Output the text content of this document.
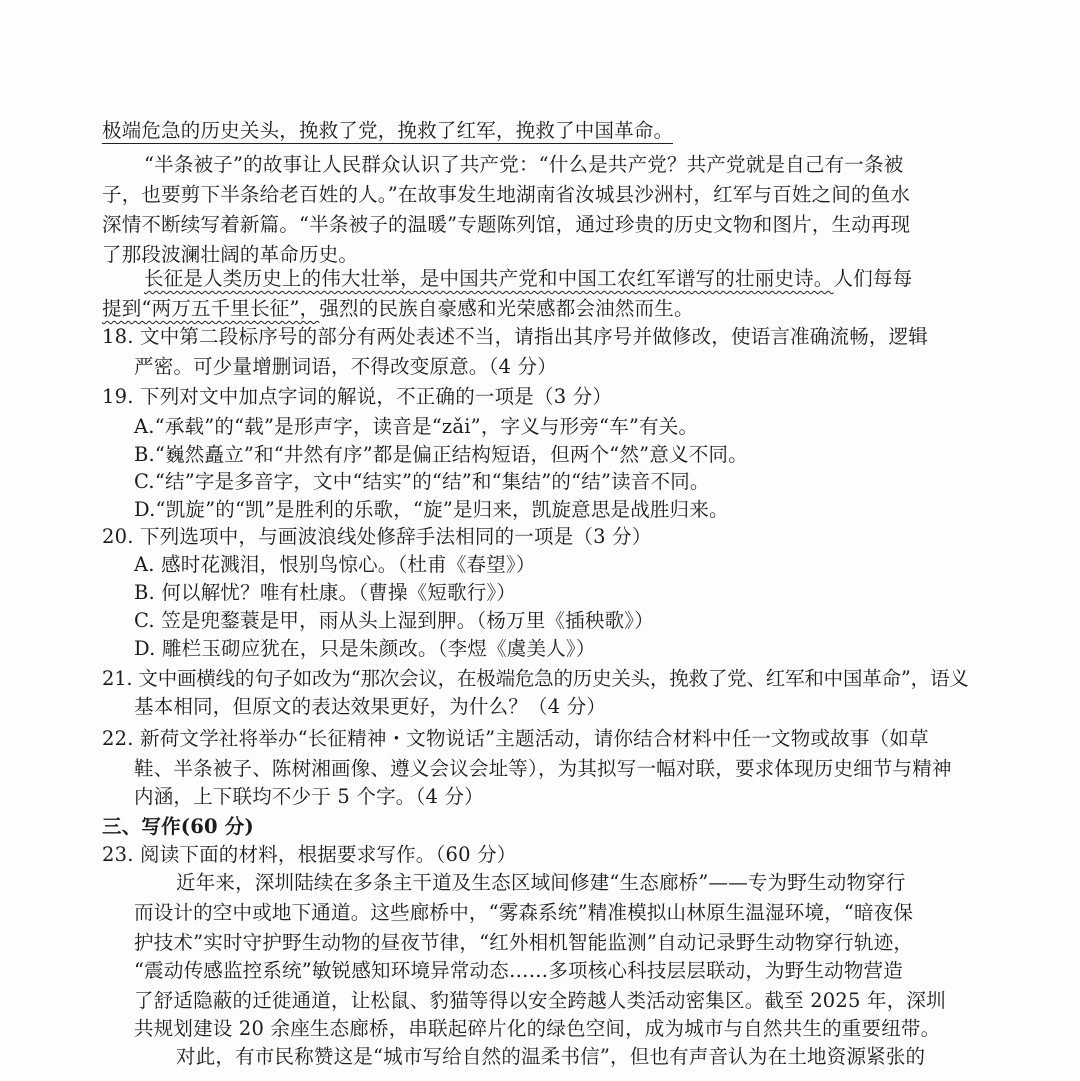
极端危急的历史关头，挽救了党，挽救了红军，挽救了中国革命。
“半条被子”的故事让人民群众认识了共产党：“什么是共产党？共产党就是自己有一条被
子，也要剪下半条给老百姓的人。”在故事发生地湖南省汝城县沙洲村，红军与百姓之间的鱼水
深情不断续写着新篇。“半条被子的温暖”专题陈列馆，通过珍贵的历史文物和图片，生动再现
了那段波澜壮阔的革命历史。
长征是人类历史上的伟大壮举，是中国共产党和中国工农红军谱写的壮丽史诗。人们每每
提到“两万五千里长征”，强烈的民族自豪感和光荣感都会油然而生。
18. 文中第二段标序号的部分有两处表述不当，请指出其序号并做修改，使语言准确流畅，逻辑
严密。可少量增删词语，不得改变原意。（4 分）
19. 下列对文中加点字词的解说，不正确的一项是（3 分）
A.“承载”的“载”是形声字，读音是“zǎi”，字义与形旁“车”有关。
B.“巍然矗立”和“井然有序”都是偏正结构短语，但两个“然”意义不同。
C.“结”字是多音字，文中“结实”的“结”和“集结”的“结”读音不同。
D.“凯旋”的“凯”是胜利的乐歌，“旋”是归来，凯旋意思是战胜归来。
20. 下列选项中，与画波浪线处修辞手法相同的一项是（3 分）
A. 感时花溅泪，恨别鸟惊心。（杜甫《春望》）
B. 何以解忧？唯有杜康。（曹操《短歌行》）
C. 笠是兜鍪蓑是甲，雨从头上湿到胛。（杨万里《插秧歌》）
D. 雕栏玉砌应犹在，只是朱颜改。（李煜《虞美人》）
21. 文中画横线的句子如改为“那次会议，在极端危急的历史关头，挽救了党、红军和中国革命”，语义
基本相同，但原文的表达效果更好，为什么？（4 分）
22. 新荷文学社将举办“长征精神・文物说话”主题活动，请你结合材料中任一文物或故事（如草
鞋、半条被子、陈树湘画像、遵义会议会址等），为其拟写一幅对联，要求体现历史细节与精神
内涵，上下联均不少于 5 个字。（4 分）
三、写作(60 分)
23. 阅读下面的材料，根据要求写作。（60 分）
近年来，深圳陆续在多条主干道及生态区域间修建“生态廊桥”——专为野生动物穿行
而设计的空中或地下通道。这些廊桥中，“雾森系统”精准模拟山林原生温湿环境，“暗夜保
护技术”实时守护野生动物的昼夜节律，“红外相机智能监测”自动记录野生动物穿行轨迹，
“震动传感监控系统”敏锐感知环境异常动态……多项核心科技层层联动，为野生动物营造
了舒适隐蔽的迁徙通道，让松鼠、豹猫等得以安全跨越人类活动密集区。截至 2025 年，深圳
共规划建设 20 余座生态廊桥，串联起碎片化的绿色空间，成为城市与自然共生的重要纽带。
对此，有市民称赞这是“城市写给自然的温柔书信”，但也有声音认为在土地资源紧张的
